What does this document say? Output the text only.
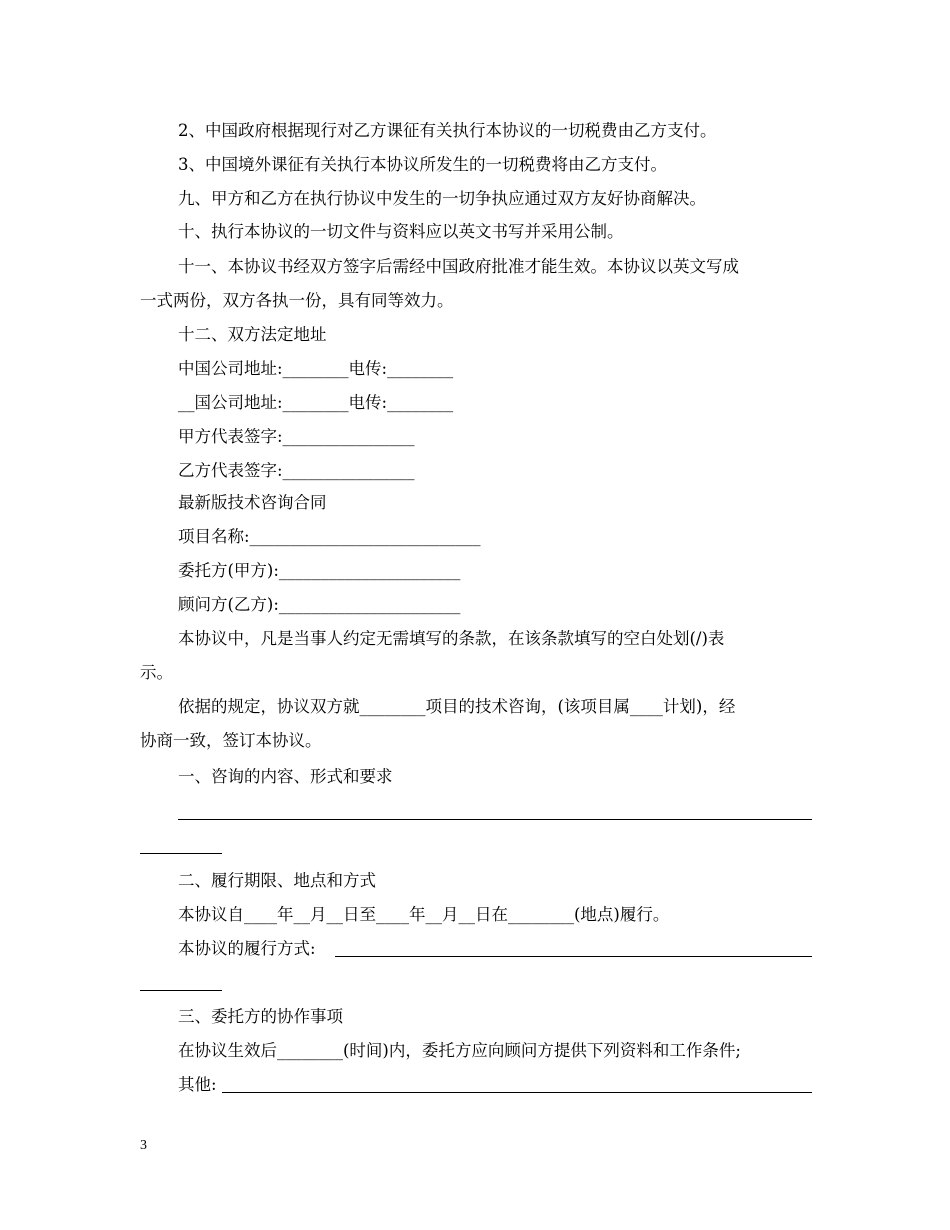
2、中国政府根据现行对乙方课征有关执行本协议的一切税费由乙方支付。
3、中国境外课征有关执行本协议所发生的一切税费将由乙方支付。
九、甲方和乙方在执行协议中发生的一切争执应通过双方友好协商解决。
十、执行本协议的一切文件与资料应以英文书写并采用公制。
十一、本协议书经双方签字后需经中国政府批准才能生效。本协议以英文写成
一式两份，双方各执一份，具有同等效力。
十二、双方法定地址
中国公司地址:________电传:________
__国公司地址:________电传:________
甲方代表签字:________________
乙方代表签字:________________
最新版技术咨询合同
项目名称:____________________________
委托方(甲方):______________________
顾问方(乙方):______________________
本协议中，凡是当事人约定无需填写的条款，在该条款填写的空白处划(/)表
示。
依据的规定，协议双方就________项目的技术咨询，(该项目属____计划)，经
协商一致，签订本协议。
一、咨询的内容、形式和要求
二、履行期限、地点和方式
本协议自____年__月__日至____年__月__日在________(地点)履行。
本协议的履行方式:
三、委托方的协作事项
在协议生效后________(时间)内，委托方应向顾问方提供下列资料和工作条件;
其他:
3
